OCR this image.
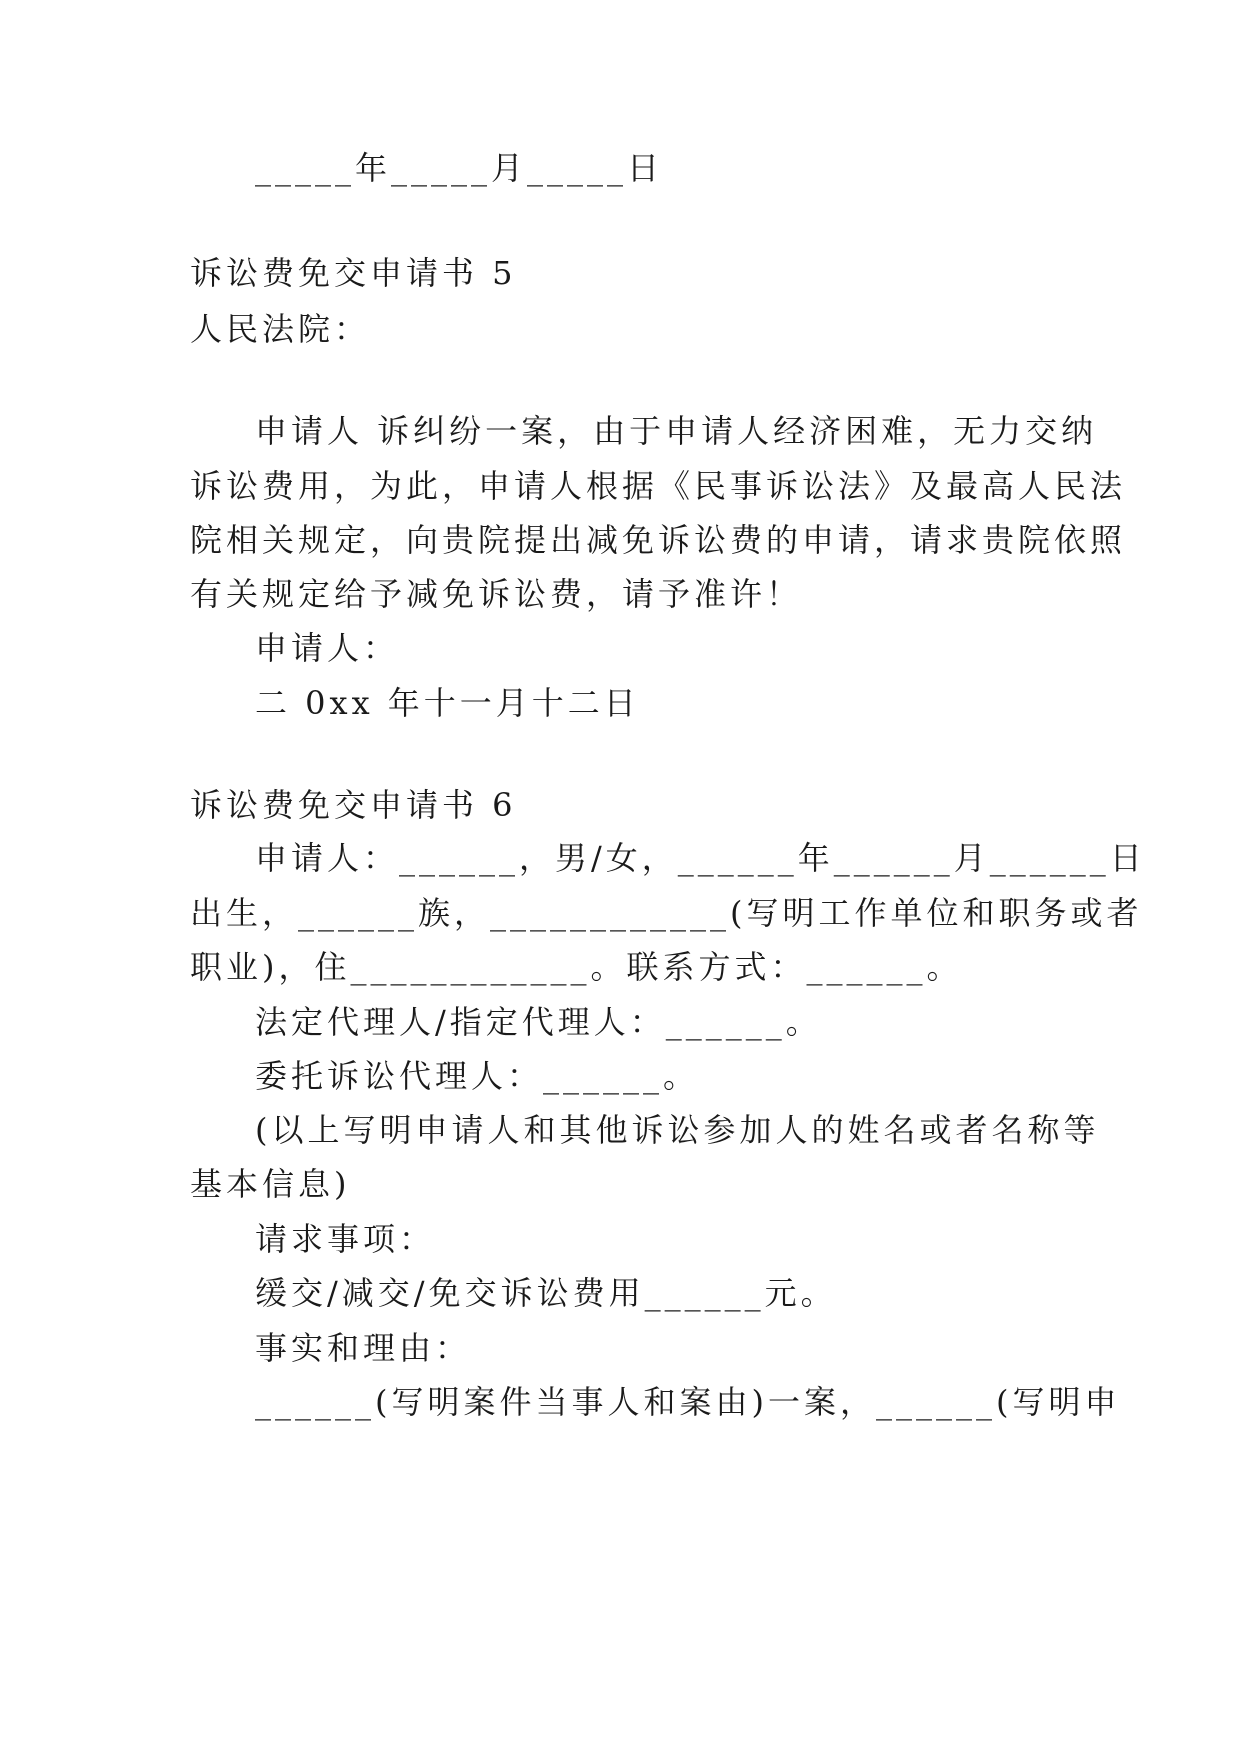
_____年_____月_____日
诉讼费免交申请书 5
人民法院：
申请人 诉纠纷一案，由于申请人经济困难，无力交纳
诉讼费用，为此，申请人根据《民事诉讼法》及最高人民法
院相关规定，向贵院提出减免诉讼费的申请，请求贵院依照
有关规定给予减免诉讼费，请予准许！
申请人：
二 0xx 年十一月十二日
诉讼费免交申请书 6
申请人：______，男/女，______年______月______日
出生，______族，____________(写明工作单位和职务或者
职业)，住____________。联系方式：______。
法定代理人/指定代理人：______。
委托诉讼代理人：______。
(以上写明申请人和其他诉讼参加人的姓名或者名称等
基本信息)
请求事项：
缓交/减交/免交诉讼费用______元。
事实和理由：
______(写明案件当事人和案由)一案，______(写明申
